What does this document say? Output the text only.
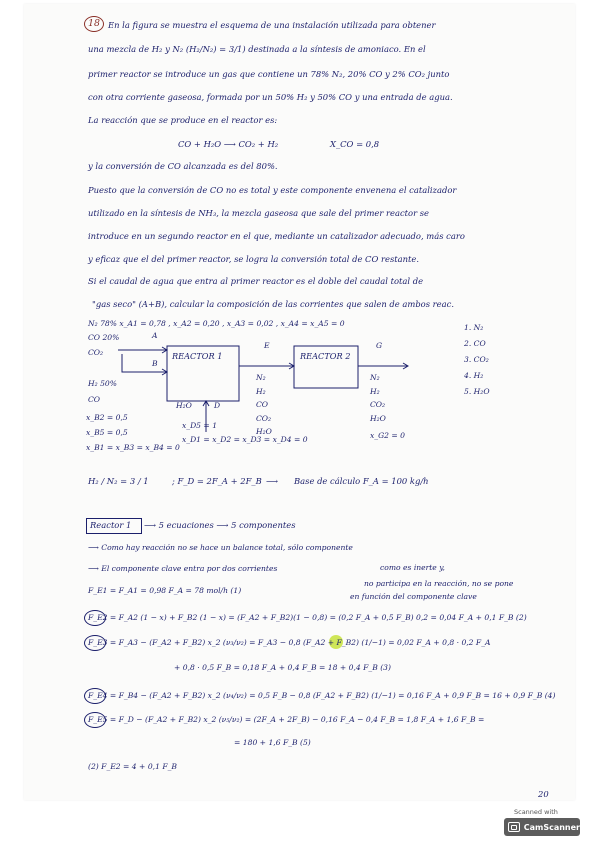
18 En la figura se muestra el esquema de una instalación utilizada para obtener
una mezcla de H₂ y N₂ (H₂/N₂) = 3/1) destinada a la síntesis de amoniaco. En el
primer reactor se introduce un gas que contiene un 78% N₂, 20% CO y 2% CO₂ junto
con otra corriente gaseosa, formada por un 50% H₂ y 50% CO y una entrada de agua.
La reacción que se produce en el reactor es:
CO + H₂O ⟶ CO₂ + H₂	X_CO = 0,8
y la conversión de CO alcanzada es del 80%.
Puesto que la conversión de CO no es total y este componente envenena el catalizador
utilizado en la síntesis de NH₃, la mezcla gaseosa que sale del primer reactor se
introduce en un segundo reactor en el que, mediante un catalizador adecuado, más caro
y eficaz que el del primer reactor, se logra la conversión total de CO restante.
Si el caudal de agua que entra al primer reactor es el doble del caudal total de
"gas seco" (A+B), calcular la composición de las corrientes que salen de ambos reac.
N₂ 78% x_A1 = 0,78 , x_A2 = 0,20 , x_A3 = 0,02 , x_A4 = x_A5 = 0
CO 20%
CO₂
A
B
H₂ 50%
CO
x_B2 = 0,5
x_B5 = 0,5
x_B1 = x_B3 = x_B4 = 0
REACTOR 1	REACTOR 2
E
N₂
H₂
CO
CO₂
H₂O
D
H₂O
x_D5 = 1
x_D1 = x_D2 = x_D3 = x_D4 = 0
G
N₂
H₂
CO₂
H₂O
x_G2 = 0
1. N₂
2. CO
3. CO₂
4. H₂
5. H₂O
H₂ / N₂ = 3 / 1	; F_D = 2F_A + 2F_B ⟶ Base de cálculo F_A = 100 kg/h
Reactor 1 ⟶ 5 ecuaciones ⟶ 5 componentes
⟶ Como hay reacción no se hace un balance total, sólo componente
⟶ El componente clave entra por dos corrientes	como es inerte y,
no participa en la reacción, no se pone
en función del componente clave
F_E1 = F_A1 = 0,98 F_A = 78 mol/h (1)
F_E2 = F_A2 (1 − x) + F_B2 (1 − x) = (F_A2 + F_B2)(1 − 0,8) = (0,2 F_A + 0,5 F_B) 0,2 = 0,04 F_A + 0,1 F_B (2)
F_E3 = F_A3 − (F_A2 + F_B2) x_2 (ν₃/ν₂) = F_A3 − 0,8 (F_A2 + F_B2) (1/−1) = 0,02 F_A + 0,8 · 0,2 F_A
+ 0,8 · 0,5 F_B = 0,18 F_A + 0,4 F_B = 18 + 0,4 F_B (3)
F_E4 = F_B4 − (F_A2 + F_B2) x_2 (ν₄/ν₂) = 0,5 F_B − 0,8 (F_A2 + F_B2) (1/−1) = 0,16 F_A + 0,9 F_B = 16 + 0,9 F_B (4)
F_E5 = F_D − (F_A2 + F_B2) x_2 (ν₅/ν₂) = (2F_A + 2F_B) − 0,16 F_A − 0,4 F_B = 1,8 F_A + 1,6 F_B =
= 180 + 1,6 F_B (5)
(2) F_E2 = 4 + 0,1 F_B
20
Scanned with
CamScanner
